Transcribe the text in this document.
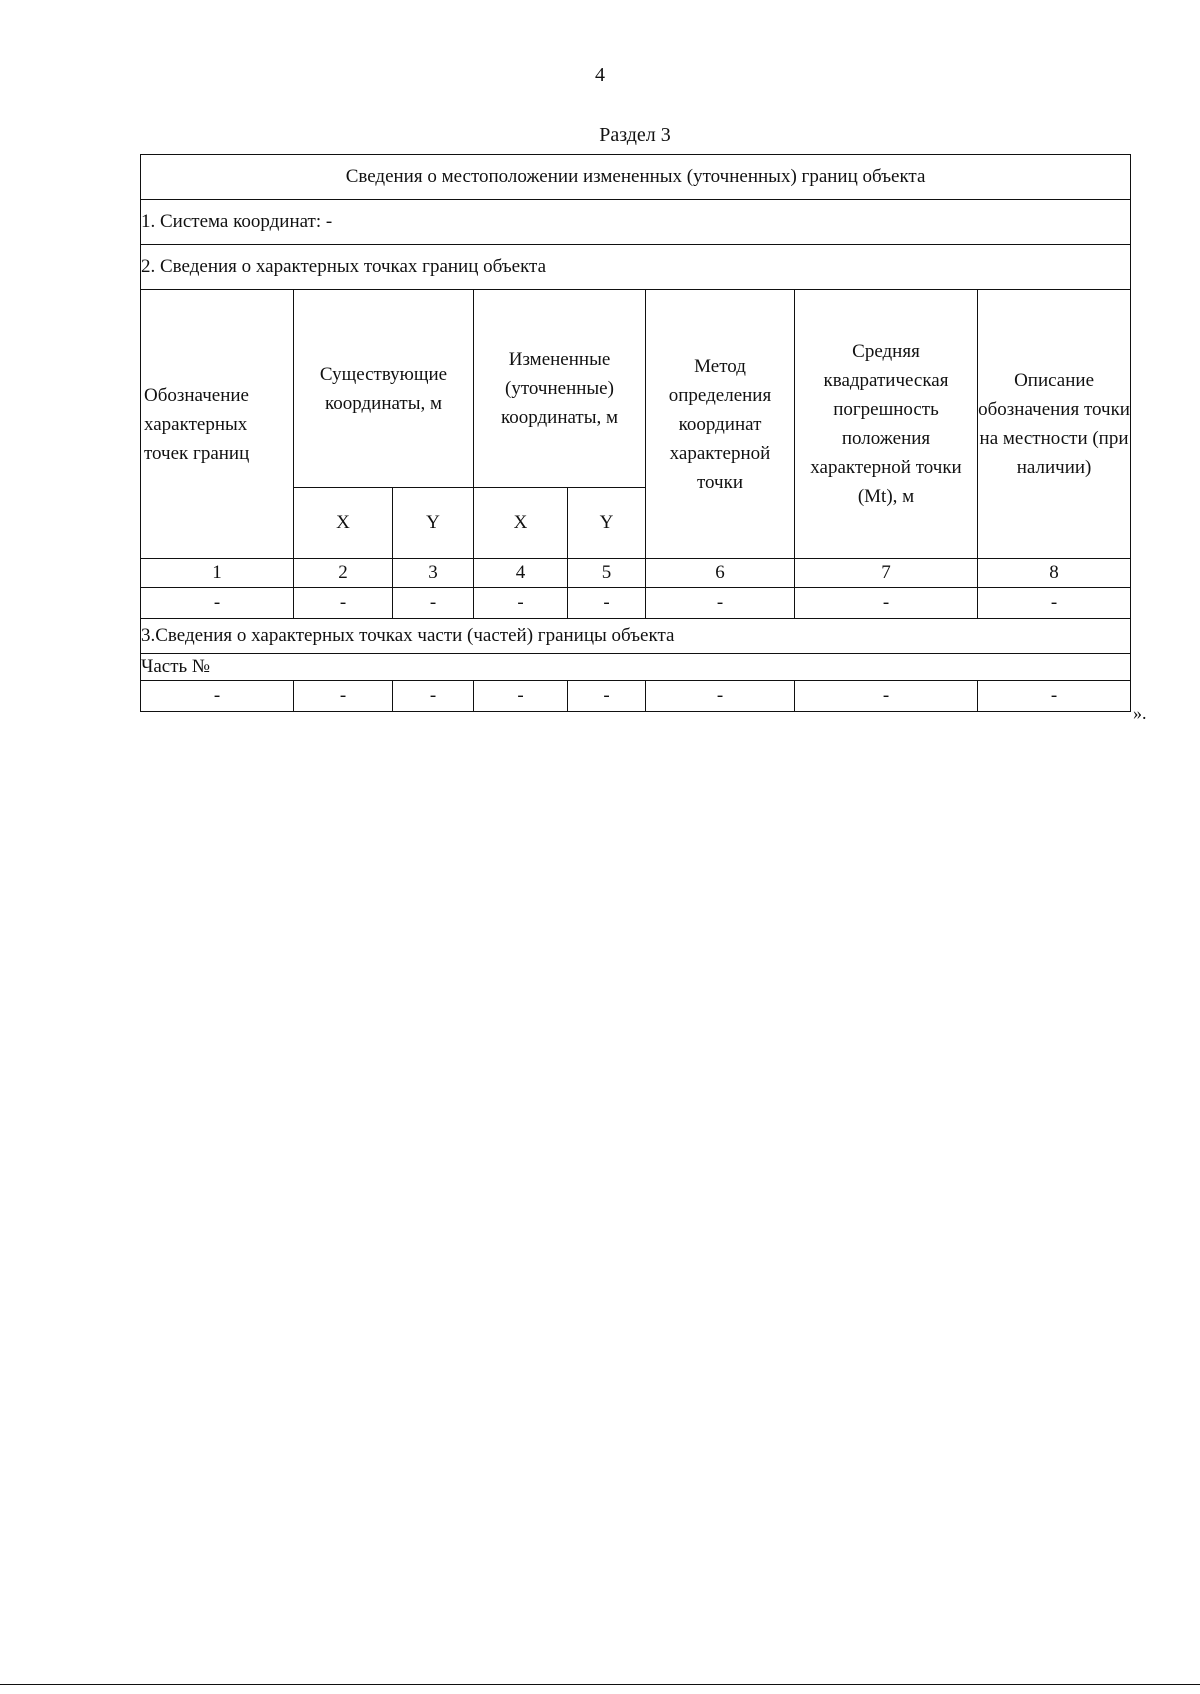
4
Раздел 3
Сведения о местоположении измененных (уточненных) границ объекта							
1. Система координат: -							
2. Сведения о характерных точках границ объекта							
Обозначение характерных точек границ	Существующие координаты, м		Измененные (уточненные) координаты, м		Метод определения координат характерной точки	Средняя квадратическая погрешность положения характерной точки (Mt), м	Описание обозначения точки на местности (при наличии)
	X	Y	X	Y			
1	2	3	4	5	6	7	8
-	-	-	-	-	-	-	-
3.Сведения о характерных точках части (частей) границы объекта							
Часть №							
-	-	-	-	-	-	-	-
».
